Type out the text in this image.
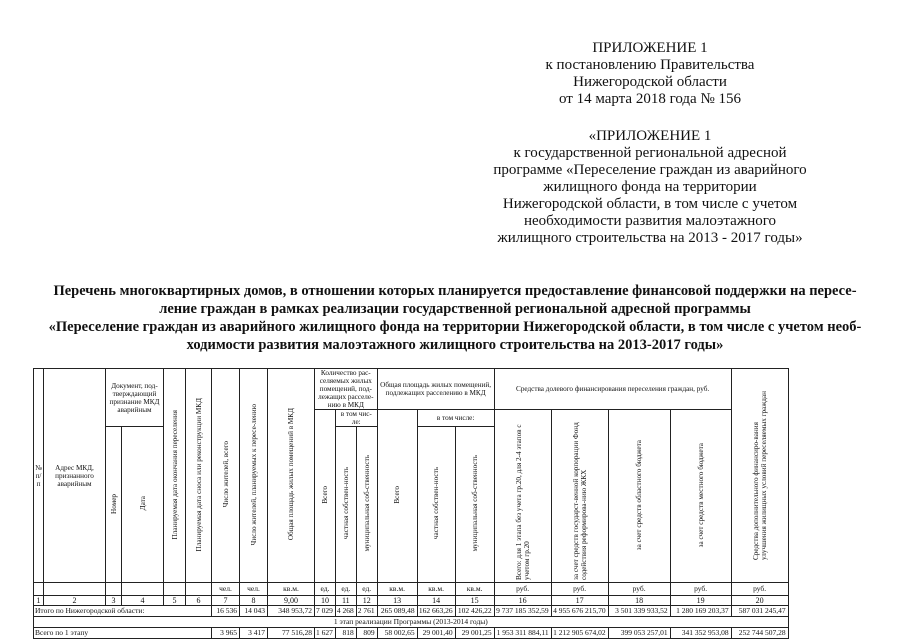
ПРИЛОЖЕНИЕ 1
к постановлению Правительства
Нижегородской области
от 14 марта 2018 года № 156
«ПРИЛОЖЕНИЕ 1
к государственной региональной адресной
программе «Переселение граждан из аварийного
жилищного фонда на территории
Нижегородской области, в том числе с учетом
необходимости развития малоэтажного
жилищного строительства на 2013 - 2017 годы»
Перечень многоквартирных домов, в отношении которых планируется предоставление финансовой поддержки на пересе-
ление граждан в рамках реализации государственной региональной адресной программы
«Переселение граждан из аварийного жилищного фонда на территории Нижегородской области, в том числе с учетом необ-
ходимости развития малоэтажного жилищного строительства на 2013-2017 годы»
№ п/п	Адрес МКД, признанного аварийным	Документ, под-тверждающий признание МКД аварийным		Планируемая дата окончания переселения	Планируемая дата сноса или реконструкции МКД	Число жителей, всего	Число жителей, планируемых к пересе-лению	Общая площадь жилых помещений в МКД	Количество рас-селяемых жилых помещений, под-лежащих расселе-нию в МКД			Общая площадь жилых помещений, подлежащих расселению в МКД			Средства долевого финансирования переселения граждан, руб.				Средства дополнительного финансиро-вания улучшения жилищных условий переселяемых граждан
									Всего	в том чис-ле:		Всего	в том числе:		Всего: для 1 этапа без учета гр.20, для 2-4 этапов с учетом гр.20	за счет средств государст-венной корпорации Фонд содействия реформирова-нию ЖКХ	за счет средств областного бюджета	за счет средств местного бюджета	
		Номер	Дата							частная собствен-ность	муниципальная соб-ственность		частная собствен-ность	муниципальная соб-ственность					

						чел.	чел.	кв.м.	ед.	ед.	ед.	кв.м.	кв.м.	кв.м.	руб.	руб.	руб.	руб.	руб.
1	2	3	4	5	6	7	8	9,00	10	11	12	13	14	15	16	17	18	19	20
Итого по Нижегородской области:						16 536	14 043	348 953,72	7 029	4 268	2 761	265 089,48	162 663,26	102 426,22	9 737 185 352,59	4 955 676 215,70	3 501 339 933,52	1 280 169 203,37	587 031 245,47
1 этап реализации Программы (2013-2014 годы)																			
Всего по 1 этапу						3 965	3 417	77 516,28	1 627	818	809	58 002,65	29 001,40	29 001,25	1 953 311 884,11	1 212 905 674,02	399 053 257,01	341 352 953,08	252 744 507,28
